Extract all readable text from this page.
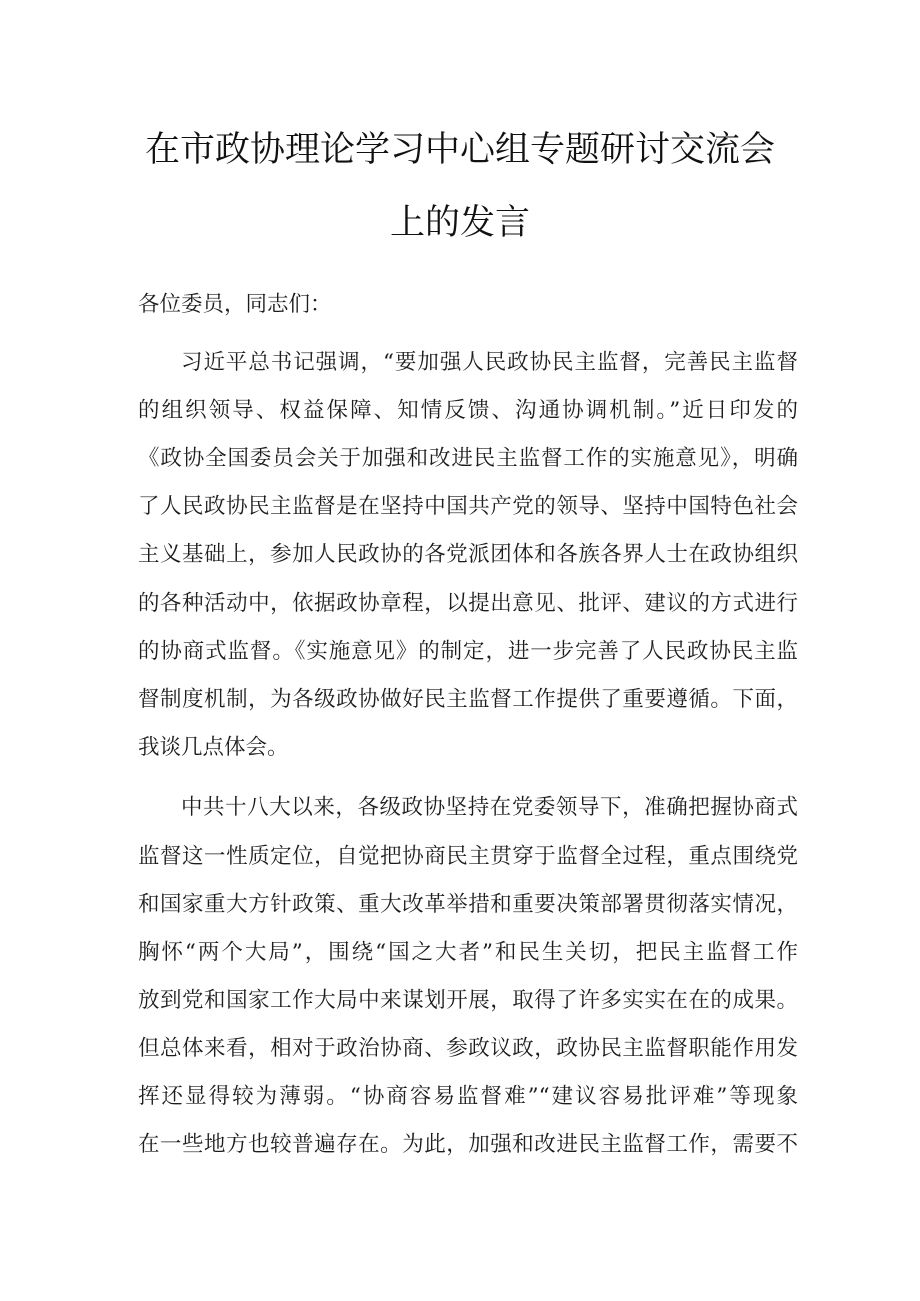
在市政协理论学习中心组专题研讨交流会
上的发言
各位委员，同志们：
习近平总书记强调，“要加强人民政协民主监督，完善民主监督
的组织领导、权益保障、知情反馈、沟通协调机制。”近日印发的
《政协全国委员会关于加强和改进民主监督工作的实施意见》，明确
了人民政协民主监督是在坚持中国共产党的领导、坚持中国特色社会
主义基础上，参加人民政协的各党派团体和各族各界人士在政协组织
的各种活动中，依据政协章程，以提出意见、批评、建议的方式进行
的协商式监督。《实施意见》的制定，进一步完善了人民政协民主监
督制度机制，为各级政协做好民主监督工作提供了重要遵循。下面，
我谈几点体会。
中共十八大以来，各级政协坚持在党委领导下，准确把握协商式
监督这一性质定位，自觉把协商民主贯穿于监督全过程，重点围绕党
和国家重大方针政策、重大改革举措和重要决策部署贯彻落实情况，
胸怀“两个大局”，围绕“国之大者”和民生关切，把民主监督工作
放到党和国家工作大局中来谋划开展，取得了许多实实在在的成果。
但总体来看，相对于政治协商、参政议政，政协民主监督职能作用发
挥还显得较为薄弱。“协商容易监督难”“建议容易批评难”等现象
在一些地方也较普遍存在。为此，加强和改进民主监督工作，需要不
